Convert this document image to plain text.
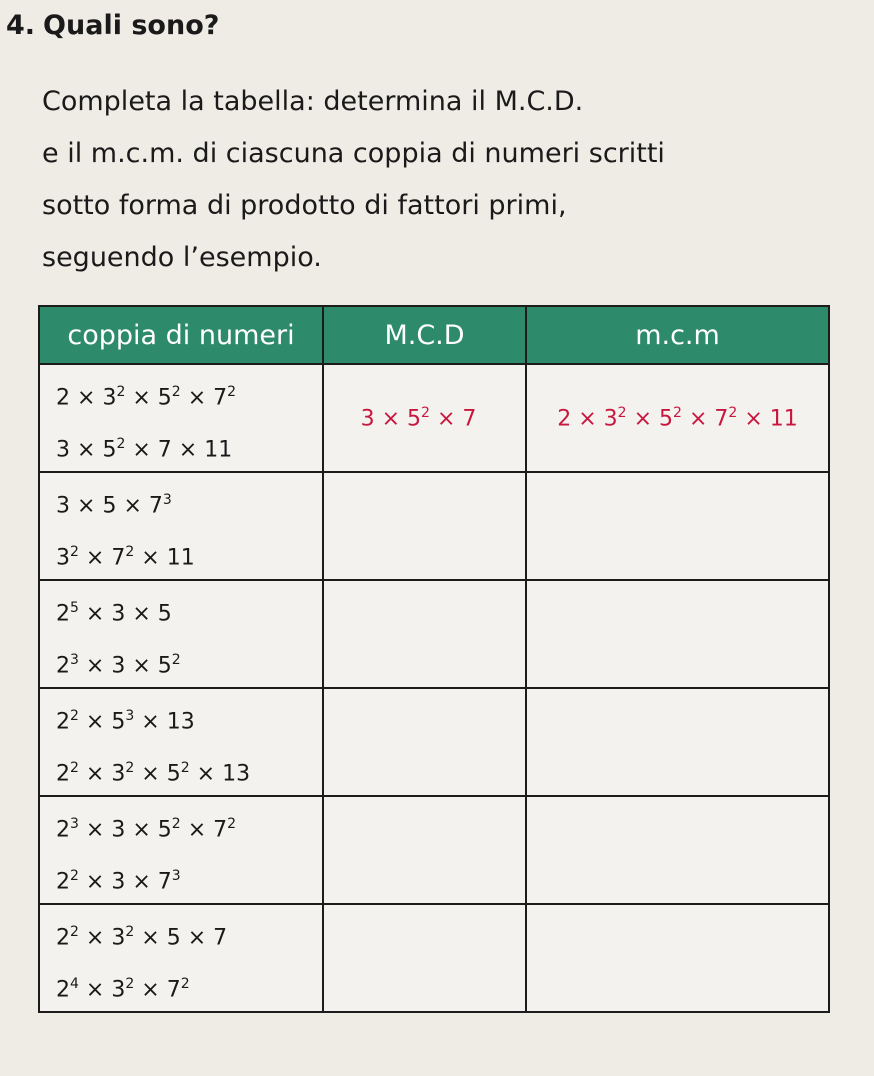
4. Quali sono?
Completa la tabella: determina il M.C.D.
e il m.c.m. di ciascuna coppia di numeri scritti
sotto forma di prodotto di fattori primi,
seguendo l’esempio.
coppia di numeri	M.C.D	m.c.m

$2 \times 3^2 \times 5^2 \times 7^2$
$3 \times 5^2 \times 7 \times 11$	$3 \times 5^2 \times 7$	$2 \times 3^2 \times 5^2 \times 7^2 \times 11$

$3 \times 5 \times 7^3$
$3^2 \times 7^2 \times 11$		

$2^5 \times 3 \times 5$
$2^3 \times 3 \times 5^2$

$2^2 \times 5^3 \times 13$
$2^2 \times 3^2 \times 5^2 \times 13$		

$2^3 \times 3 \times 5^2 \times 7^2$
$2^2 \times 3 \times 7^3$

$2^2 \times 3^2 \times 5 \times 7$
$2^4 \times 3^2 \times 7^2$
